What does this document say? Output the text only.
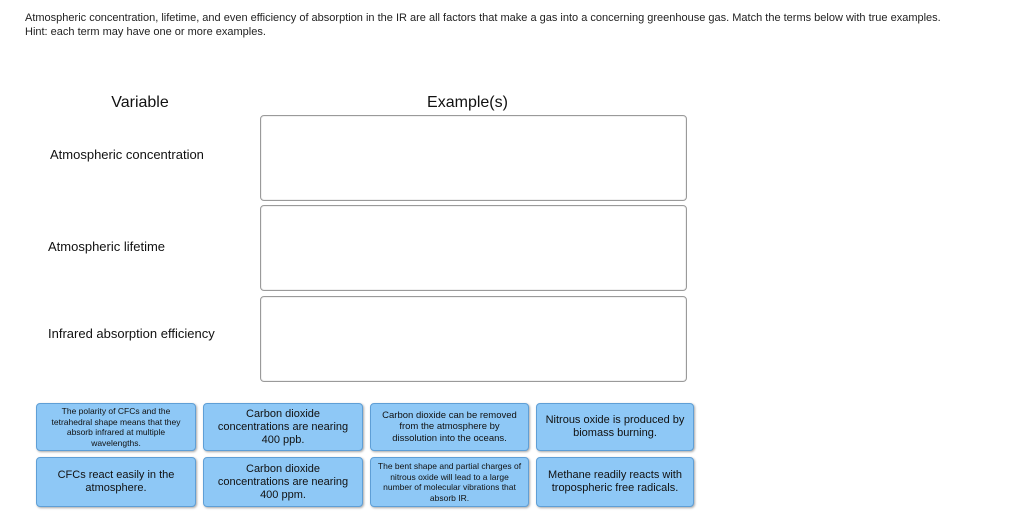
Atmospheric concentration, lifetime, and even efficiency of absorption in the IR are all factors that make a gas into a concerning greenhouse gas. Match the terms below with true examples.
Hint: each term may have one or more examples.
Variable	Example(s)
Atmospheric concentration
Atmospheric lifetime
Infrared absorption efficiency
The polarity of CFCs and the tetrahedral shape means that they absorb infrared at multiple wavelengths.
Carbon dioxide concentrations are nearing 400 ppb.
Carbon dioxide can be removed from the atmosphere by dissolution into the oceans.
Nitrous oxide is produced by biomass burning.
CFCs react easily in the atmosphere.
Carbon dioxide concentrations are nearing 400 ppm.
The bent shape and partial charges of nitrous oxide will lead to a large number of molecular vibrations that absorb IR.
Methane readily reacts with tropospheric free radicals.
